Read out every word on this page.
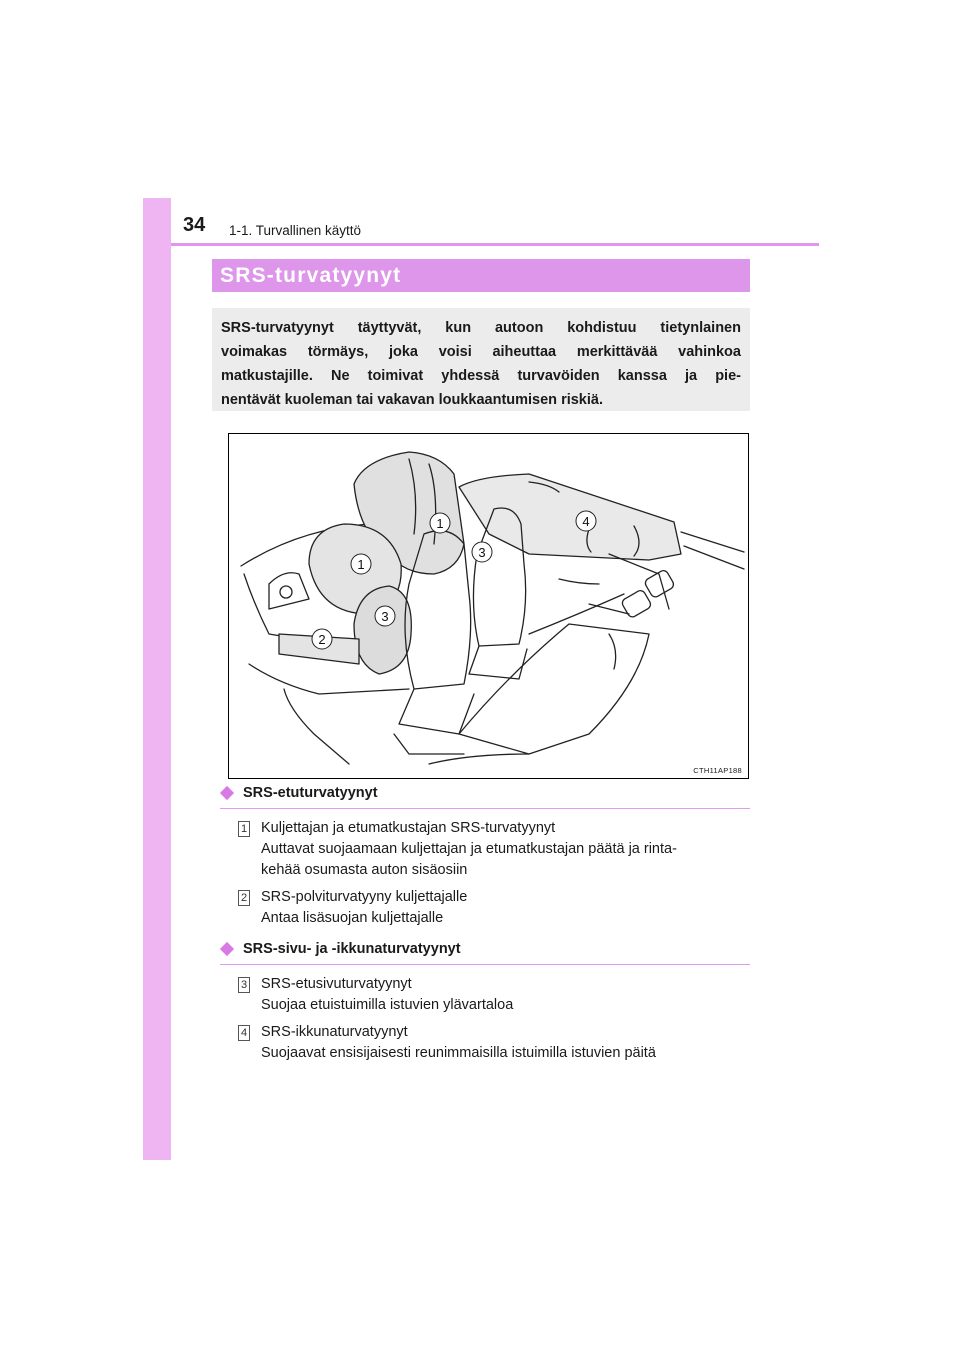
34 1-1. Turvallinen käyttö
SRS-turvatyynyt
SRS-turvatyynyt täyttyvät, kun autoon kohdistuu tietynlainen
voimakas törmäys, joka voisi aiheuttaa merkittävää vahinkoa
matkustajille. Ne toimivat yhdessä turvavöiden kanssa ja pie-
nentävät kuoleman tai vakavan loukkaantumisen riskiä.
1
1
2
3
3
4
CTH11AP188
SRS-etuturvatyynyt
1 Kuljettajan ja etumatkustajan SRS-turvatyynyt
Auttavat suojaamaan kuljettajan ja etumatkustajan päätä ja rinta-
kehää osumasta auton sisäosiin
2 SRS-polviturvatyyny kuljettajalle
Antaa lisäsuojan kuljettajalle
SRS-sivu- ja -ikkunaturvatyynyt
3 SRS-etusivuturvatyynyt
Suojaa etuistuimilla istuvien ylävartaloa
4 SRS-ikkunaturvatyynyt
Suojaavat ensisijaisesti reunimmaisilla istuimilla istuvien päitä
